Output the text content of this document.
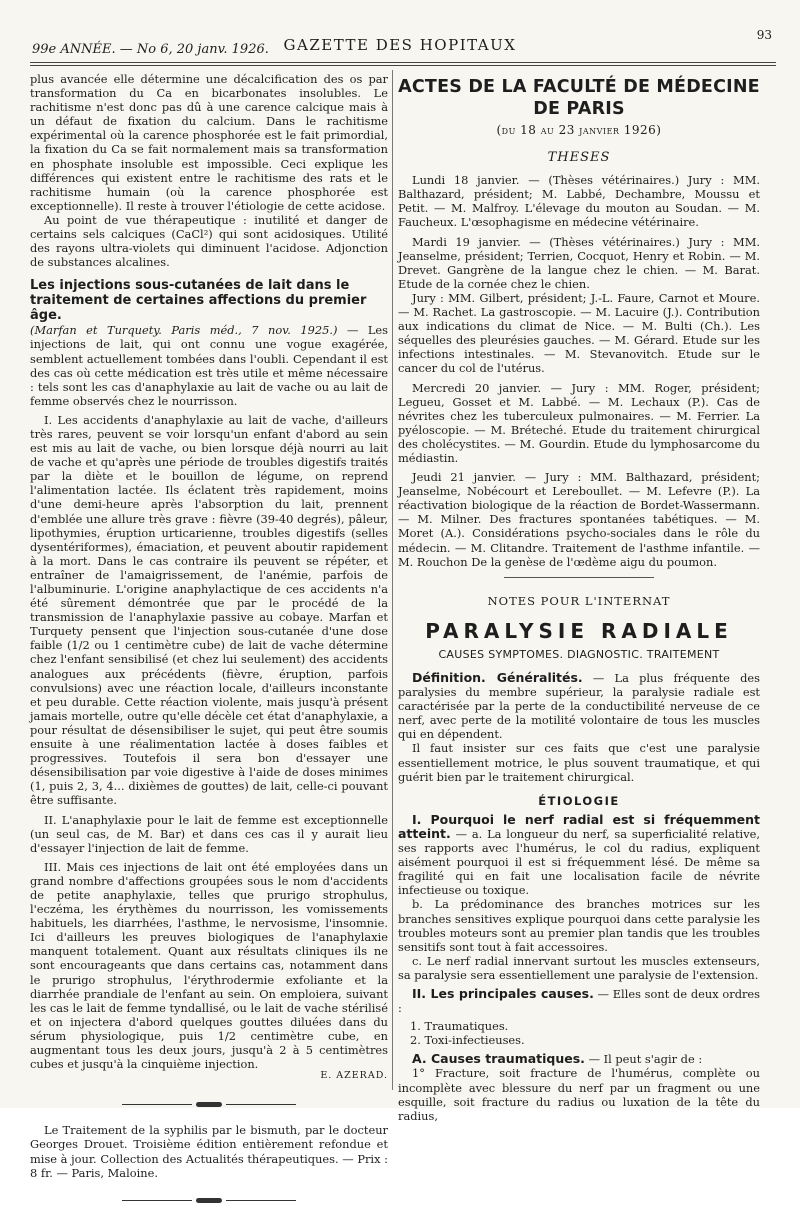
99e ANNÉE. — No 6, 20 janv. 1926. GAZETTE DES HOPITAUX
93

plus avancée elle détermine une décalcification des os par transformation du Ca en bicarbonates insolubles. Le rachitisme n'est donc pas dû à une carence calcique mais à un défaut de fixation du calcium. Dans le rachitisme expérimental où la carence phosphorée est le fait primordial, la fixation du Ca se fait normalement mais sa transformation en phosphate insoluble est impossible. Ceci explique les différences qui existent entre le rachitisme des rats et le rachitisme humain (où la carence phosphorée est exceptionnelle). Il reste à trouver l'étiologie de cette acidose.

Au point de vue thérapeutique : inutilité et danger de certains sels calciques (CaCl²) qui sont acidosiques. Utilité des rayons ultra-violets qui diminuent l'acidose. Adjonction de substances alcalines.

Les injections sous-cutanées de lait dans le traitement de certaines affections du premier âge.

(Marfan et Turquety. Paris méd., 7 nov. 1925.) — Les injections de lait, qui ont connu une vogue exagérée, semblent actuellement tombées dans l'oubli. Cependant il est des cas où cette médication est très utile et même nécessaire : tels sont les cas d'anaphylaxie au lait de vache ou au lait de femme observés chez le nourrisson.

I. Les accidents d'anaphylaxie au lait de vache, d'ailleurs très rares, peuvent se voir lorsqu'un enfant d'abord au sein est mis au lait de vache, ou bien lorsque déjà nourri au lait de vache et qu'après une période de troubles digestifs traités par la diète et le bouillon de légume, on reprend l'alimentation lactée. Ils éclatent très rapidement, moins d'une demi-heure après l'absorption du lait, prennent d'emblée une allure très grave : fièvre (39-40 degrés), pâleur, lipothymies, éruption urticarienne, troubles digestifs (selles dysentériformes), émaciation, et peuvent aboutir rapidement à la mort. Dans le cas contraire ils peuvent se répéter, et entraîner de l'amaigrissement, de l'anémie, parfois de l'albuminurie. L'origine anaphylactique de ces accidents n'a été sûrement démontrée que par le procédé de la transmission de l'anaphylaxie passive au cobaye. Marfan et Turquety pensent que l'injection sous-cutanée d'une dose faible (1/2 ou 1 centimètre cube) de lait de vache détermine chez l'enfant sensibilisé (et chez lui seulement) des accidents analogues aux précédents (fièvre, éruption, parfois convulsions) avec une réaction locale, d'ailleurs inconstante et peu durable. Cette réaction violente, mais jusqu'à présent jamais mortelle, outre qu'elle décèle cet état d'anaphylaxie, a pour résultat de désensibiliser le sujet, qui peut être soumis ensuite à une réalimentation lactée à doses faibles et progressives. Toutefois il sera bon d'essayer une désensibilisation par voie digestive à l'aide de doses minimes (1, puis 2, 3, 4... dixièmes de gouttes) de lait, celle-ci pouvant être suffisante.

II. L'anaphylaxie pour le lait de femme est exceptionnelle (un seul cas, de M. Bar) et dans ces cas il y aurait lieu d'essayer l'injection de lait de femme.

III. Mais ces injections de lait ont été employées dans un grand nombre d'affections groupées sous le nom d'accidents de petite anaphylaxie, telles que prurigo strophulus, l'eczéma, les érythèmes du nourrisson, les vomissements habituels, les diarrhées, l'asthme, le nervosisme, l'insomnie. Ici d'ailleurs les preuves biologiques de l'anaphylaxie manquent totalement. Quant aux résultats cliniques ils ne sont encourageants que dans certains cas, notamment dans le prurigo strophulus, l'érythrodermie exfoliante et la diarrhée prandiale de l'enfant au sein. On emploiera, suivant les cas le lait de femme tyndallisé, ou le lait de vache stérilisé et on injectera d'abord quelques gouttes diluées dans du sérum physiologique, puis 1/2 centimètre cube, en augmentant tous les deux jours, jusqu'à 2 à 5 centimètres cubes et jusqu'à la cinquième injection.

E. AZERAD.

Le Traitement de la syphilis par le bismuth, par le docteur Georges Drouet. Troisième édition entièrement refondue et mise à jour. Collection des Actualités thérapeutiques. — Prix : 8 fr. — Paris, Maloine.

ACTES DE LA FACULTÉ DE MÉDECINE DE PARIS
(du 18 au 23 janvier 1926)
THESES

Lundi 18 janvier. — (Thèses vétérinaires.) Jury : MM. Balthazard, président; M. Labbé, Dechambre, Moussu et Petit. — M. Malfroy. L'élevage du mouton au Soudan. — M. Faucheux. L'œsophagisme en médecine vétérinaire.

Mardi 19 janvier. — (Thèses vétérinaires.) Jury : MM. Jeanselme, président; Terrien, Cocquot, Henry et Robin. — M. Drevet. Gangrène de la langue chez le chien. — M. Barat. Etude de la cornée chez le chien.

Jury : MM. Gilbert, président; J.-L. Faure, Carnot et Moure. — M. Rachet. La gastroscopie. — M. Lacuire (J.). Contribution aux indications du climat de Nice. — M. Bulti (Ch.). Les séquelles des pleurésies gauches. — M. Gérard. Etude sur les infections intestinales. — M. Stevanovitch. Etude sur le cancer du col de l'utérus.

Mercredi 20 janvier. — Jury : MM. Roger, président; Legueu, Gosset et M. Labbé. — M. Lechaux (P.). Cas de névrites chez les tuberculeux pulmonaires. — M. Ferrier. La pyéloscopie. — M. Bréteché. Etude du traitement chirurgical des cholécystites. — M. Gourdin. Etude du lymphosarcome du médiastin.

Jeudi 21 janvier. — Jury : MM. Balthazard, président; Jeanselme, Nobécourt et Lereboullet. — M. Lefevre (P.). La réactivation biologique de la réaction de Bordet-Wassermann. — M. Milner. Des fractures spontanées tabétiques. — M. Moret (A.). Considérations psycho-sociales dans le rôle du médecin. — M. Clitandre. Traitement de l'asthme infantile. — M. Rouchon De la genèse de l'œdème aigu du poumon.

NOTES POUR L'INTERNAT
PARALYSIE RADIALE
CAUSES SYMPTOMES. DIAGNOSTIC. TRAITEMENT

Définition. Généralités. — La plus fréquente des paralysies du membre supérieur, la paralysie radiale est caractérisée par la perte de la conductibilité nerveuse de ce nerf, avec perte de la motilité volontaire de tous les muscles qui en dépendent.

Il faut insister sur ces faits que c'est une paralysie essentiellement motrice, le plus souvent traumatique, et qui guérit bien par le traitement chirurgical.

ÉTIOLOGIE

I. Pourquoi le nerf radial est si fréquemment atteint. — a. La longueur du nerf, sa superficialité relative, ses rapports avec l'humérus, le col du radius, expliquent aisément pourquoi il est si fréquemment lésé. De même sa fragilité qui en fait une localisation facile de névrite infectieuse ou toxique.

b. La prédominance des branches motrices sur les branches sensitives explique pourquoi dans cette paralysie les troubles moteurs sont au premier plan tandis que les troubles sensitifs sont tout à fait accessoires.

c. Le nerf radial innervant surtout les muscles extenseurs, sa paralysie sera essentiellement une paralysie de l'extension.

II. Les principales causes. — Elles sont de deux ordres :

1. Traumatiques.
2. Toxi-infectieuses.

A. Causes traumatiques. — Il peut s'agir de :

1° Fracture, soit fracture de l'humérus, complète ou incomplète avec blessure du nerf par un fragment ou une esquille, soit fracture du radius ou luxation de la tête du radius,
